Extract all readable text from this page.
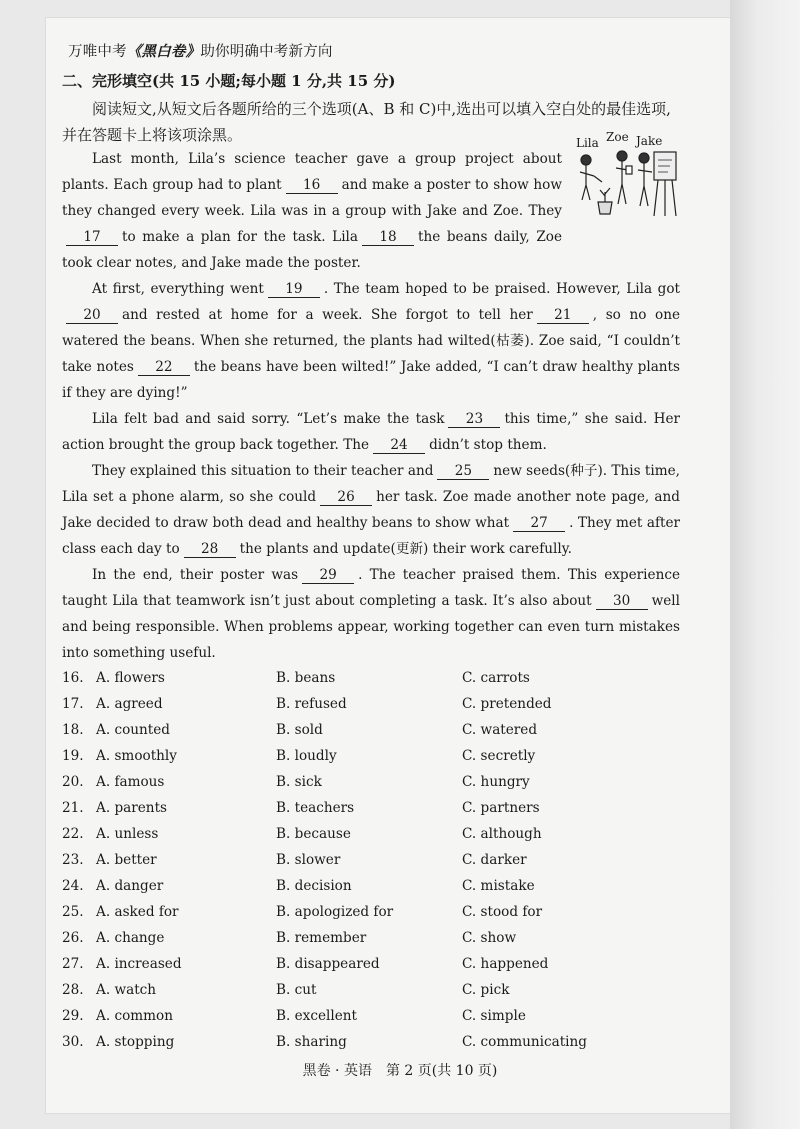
万唯中考《黑白卷》助你明确中考新方向
二、完形填空(共 15 小题;每小题 1 分,共 15 分)
阅读短文,从短文后各题所给的三个选项(A、B 和 C)中,选出可以填入空白处的最佳选项,并在答题卡上将该项涂黑。	Lila Zoe Jake

Last month, Lila’s science teacher gave a group project about plants. Each group had to plant 16 and make a poster to show how they changed every week. Lila was in a group with Jake and Zoe. They17 to make a plan for the task. Lila 18 the beans daily, Zoe took clear notes, and Jake made the poster.

At first, everything went 19 . The team hoped to be praised. However, Lila got20 and rested at home for a week. She forgot to tell her 21 , so no one watered the beans. When she returned, the plants had wilted(枯萎). Zoe said, “I couldn’t take notes 22 the beans have been wilted!” Jake added, “I can’t draw healthy plants if they are dying!”

Lila felt bad and said sorry. “Let’s make the task 23 this time,” she said. Her action brought the group back together. The 24 didn’t stop them.

They explained this situation to their teacher and 25 new seeds(种子). This time, Lila set a phone alarm, so she could 26 her task. Zoe made another note page, and Jake decided to draw both dead and healthy beans to show what 27 . They met after class each day to 28 the plants and update(更新) their work carefully.

In the end, their poster was 29 . The teacher praised them. This experience taught Lila that teamwork isn’t just about completing a task. It’s also about 30 well and being responsible. When problems appear, working together can even turn mistakes into something useful.

16. A. flowers	B. beans	C. carrots
17. A. agreed	B. refused	C. pretended
18. A. counted	B. sold	C. watered
19. A. smoothly	B. loudly	C. secretly
20. A. famous	B. sick	C. hungry
21. A. parents	B. teachers	C. partners
22. A. unless	B. because	C. although
23. A. better	B. slower	C. darker
24. A. danger	B. decision	C. mistake
25. A. asked for	B. apologized for	C. stood for
26. A. change	B. remember	C. show
27. A. increased	B. disappeared	C. happened
28. A. watch	B. cut	C. pick
29. A. common	B. excellent	C. simple
30. A. stopping	B. sharing	C. communicating
黑卷 · 英语　第 2 页(共 10 页)
